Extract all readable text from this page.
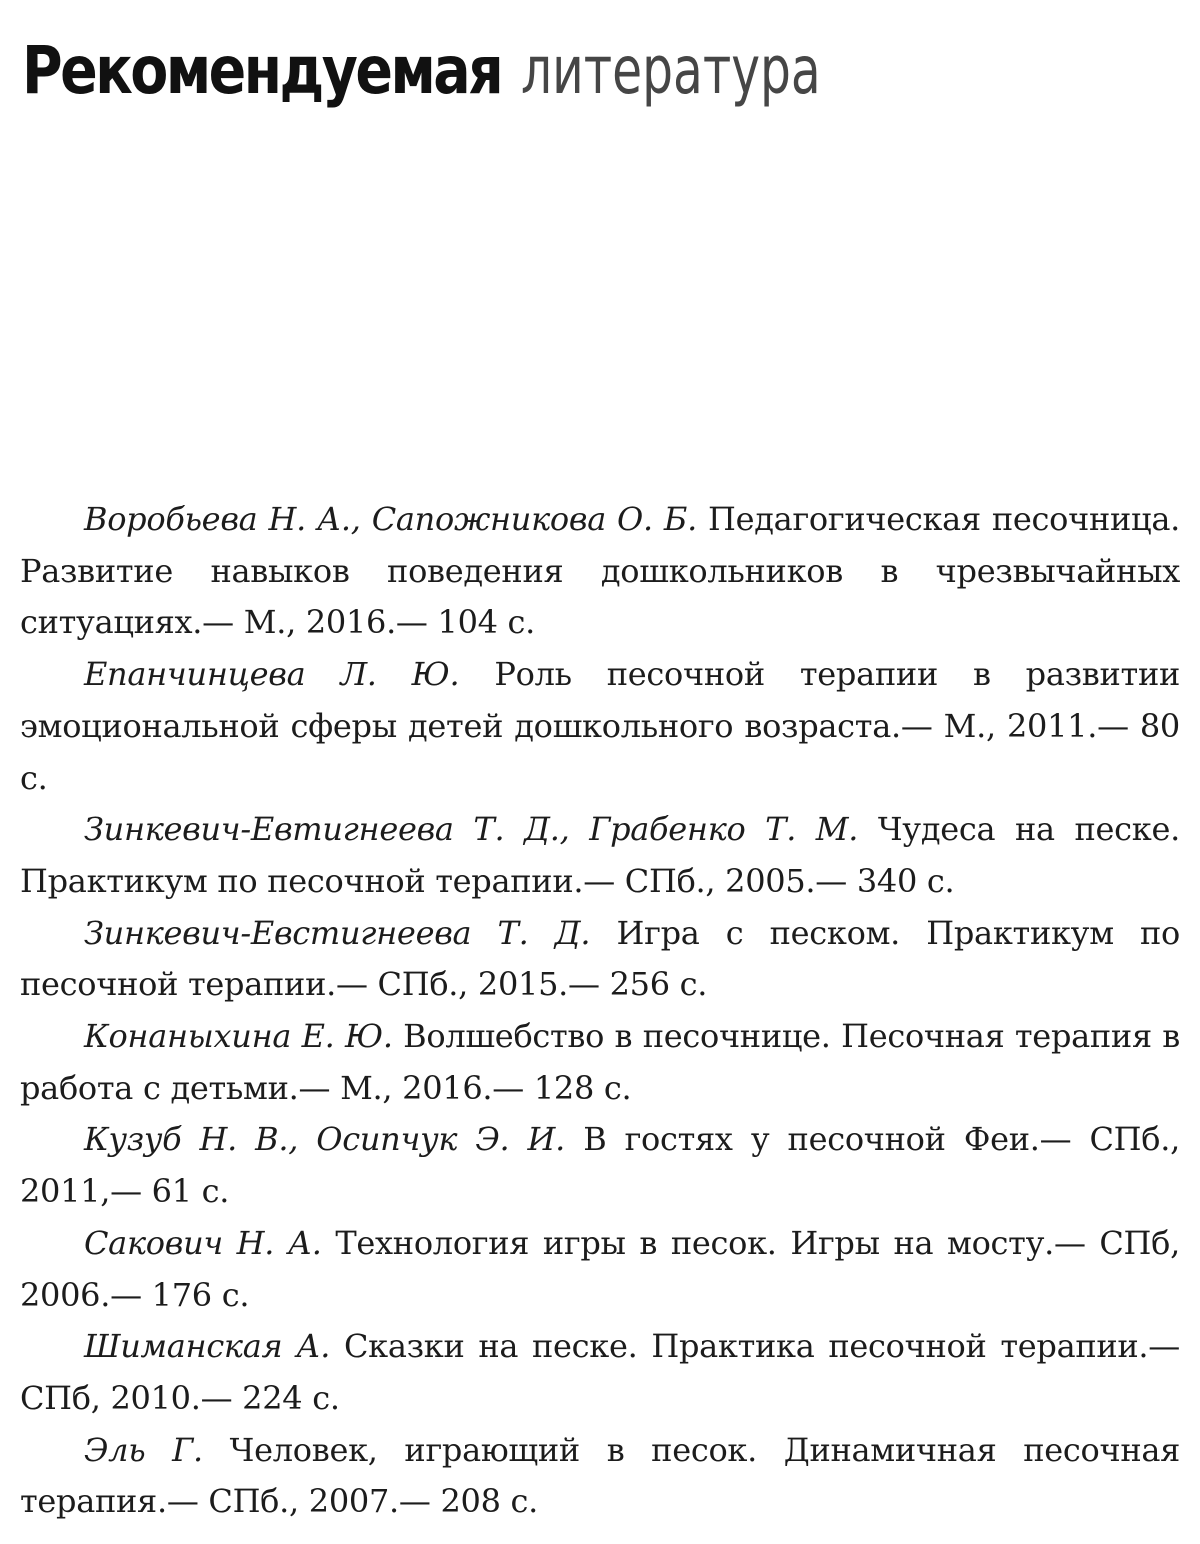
Рекомендуемая литература
Воробьева Н. А., Сапожникова О. Б. Педагогическая песочница. Развитие навыков поведения дошкольников в чрезвычайных ситуациях.— М., 2016.— 104 с.
Епанчинцева Л. Ю. Роль песочной терапии в развитии эмоциональной сферы детей дошкольного возраста.— М., 2011.— 80 с.
Зинкевич-Евтигнеева Т. Д., Грабенко Т. М. Чудеса на песке. Практикум по песочной терапии.— СПб., 2005.— 340 с.
Зинкевич-Евстигнеева Т. Д. Игра с песком. Практикум по песочной терапии.— СПб., 2015.— 256 с.
Конаныхина Е. Ю. Волшебство в песочнице. Песочная терапия в работа с детьми.— М., 2016.— 128 с.
Кузуб Н. В., Осипчук Э. И. В гостях у песочной Феи.— СПб., 2011,— 61 с.
Сакович Н. А. Технология игры в песок. Игры на мосту.— СПб, 2006.— 176 с.
Шиманская А. Сказки на песке. Практика песочной терапии.— СПб, 2010.— 224 с.
Эль Г. Человек, играющий в песок. Динамичная песочная терапия.— СПб., 2007.— 208 с.
